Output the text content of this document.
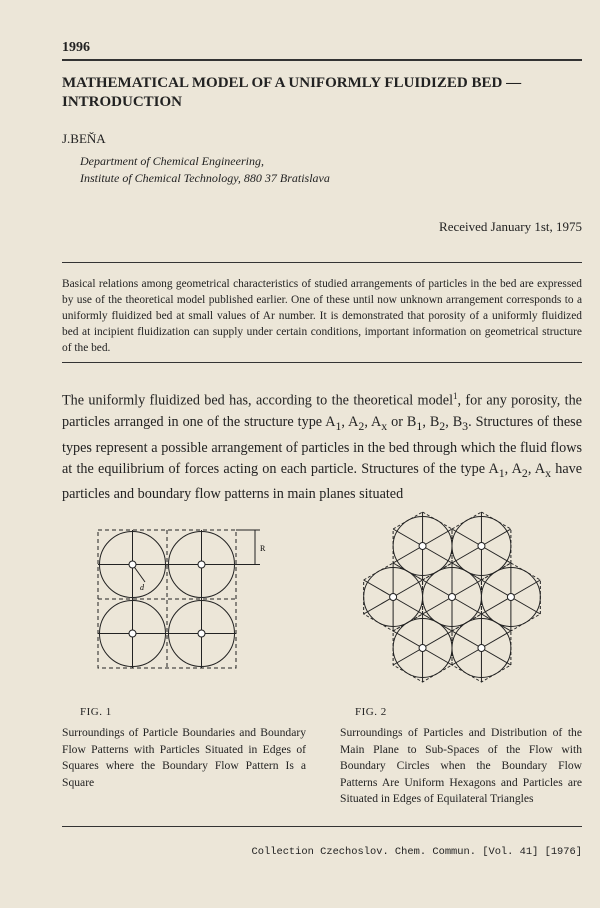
1996
MATHEMATICAL MODEL OF A UNIFORMLY FLUIDIZED BED — INTRODUCTION
J.BEŇA
Department of Chemical Engineering,
Institute of Chemical Technology, 880 37 Bratislava
Received January 1st, 1975
Basical relations among geometrical characteristics of studied arrangements of particles in the bed are expressed by use of the theoretical model published earlier. One of these until now unknown arrangement corresponds to a uniformly fluidized bed at small values of Ar number. It is demonstrated that porosity of a uniformly fluidized bed at incipient fluidization can supply under certain conditions, important information on geometrical structure of the bed.
The uniformly fluidized bed has, according to the theoretical model$^1$, for any porosity, the particles arranged in one of the structure type $A_1$, $A_2$, $A_x$ or $B_1$, $B_2$, $B_3$. Structures of these types represent a possible arrangement of particles in the bed through which the fluid flows at the equilibrium of forces acting on each particle. Structures of the type $A_1$, $A_2$, $A_x$ have particles and boundary flow patterns in main planes situated
R
d
FIG. 1
Surroundings of Particle Boundaries and Boundary Flow Patterns with Particles Situated in Edges of Squares where the Boundary Flow Pattern Is a Square
FIG. 2
Surroundings of Particles and Distribution of the Main Plane to Sub-Spaces of the Flow with Boundary Circles when the Boundary Flow Patterns Are Uniform Hexagons and Particles are Situated in Edges of Equilateral Triangles
Collection Czechoslov. Chem. Commun. [Vol. 41] [1976]
